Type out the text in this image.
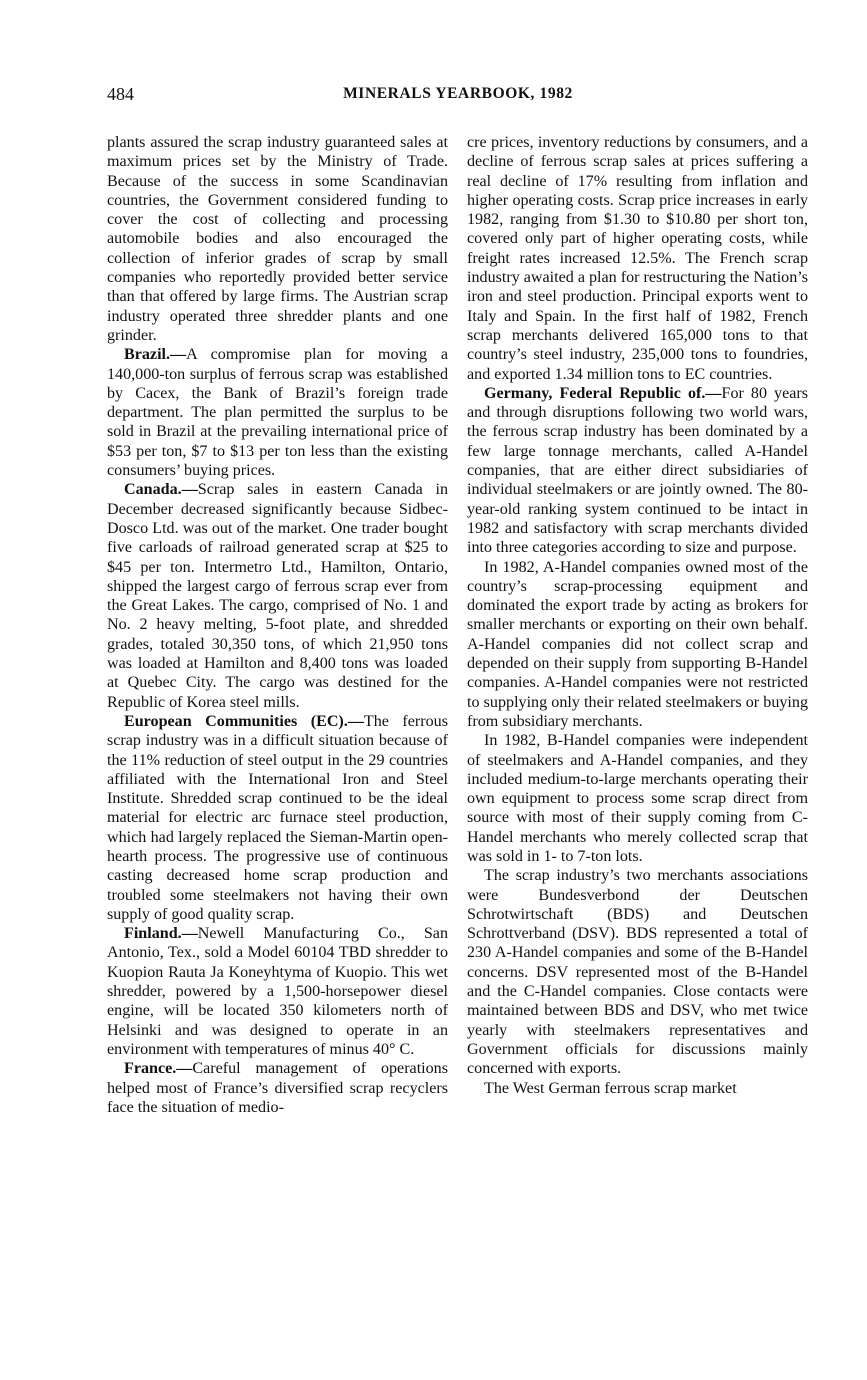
484	MINERALS YEARBOOK, 1982

plants assured the scrap industry guaranteed sales at maximum prices set by the Ministry of Trade. Because of the success in some Scandinavian countries, the Government considered funding to cover the cost of collecting and processing automobile bodies and also encouraged the collection of inferior grades of scrap by small companies who reportedly provided better service than that offered by large firms. The Austrian scrap industry operated three shredder plants and one grinder.

Brazil.—A compromise plan for moving a 140,000-ton surplus of ferrous scrap was established by Cacex, the Bank of Brazil’s foreign trade department. The plan permitted the surplus to be sold in Brazil at the prevailing international price of $53 per ton, $7 to $13 per ton less than the existing consumers’ buying prices.

Canada.—Scrap sales in eastern Canada in December decreased significantly because Sidbec-Dosco Ltd. was out of the market. One trader bought five carloads of railroad generated scrap at $25 to $45 per ton. Intermetro Ltd., Hamilton, Ontario, shipped the largest cargo of ferrous scrap ever from the Great Lakes. The cargo, comprised of No. 1 and No. 2 heavy melting, 5-foot plate, and shredded grades, totaled 30,350 tons, of which 21,950 tons was loaded at Hamilton and 8,400 tons was loaded at Quebec City. The cargo was destined for the Republic of Korea steel mills.

European Communities (EC).—The ferrous scrap industry was in a difficult situation because of the 11% reduction of steel output in the 29 countries affiliated with the International Iron and Steel Institute. Shredded scrap continued to be the ideal material for electric arc furnace steel production, which had largely replaced the Sieman-Martin open-hearth process. The progressive use of continuous casting decreased home scrap production and troubled some steelmakers not having their own supply of good quality scrap.

Finland.—Newell Manufacturing Co., San Antonio, Tex., sold a Model 60104 TBD shredder to Kuopion Rauta Ja Koneyhtyma of Kuopio. This wet shredder, powered by a 1,500-horsepower diesel engine, will be located 350 kilometers north of Helsinki and was designed to operate in an environment with temperatures of minus 40° C.

France.—Careful management of operations helped most of France’s diversified scrap recyclers face the situation of medio-

cre prices, inventory reductions by consumers, and a decline of ferrous scrap sales at prices suffering a real decline of 17% resulting from inflation and higher operating costs. Scrap price increases in early 1982, ranging from $1.30 to $10.80 per short ton, covered only part of higher operating costs, while freight rates increased 12.5%. The French scrap industry awaited a plan for restructuring the Nation’s iron and steel production. Principal exports went to Italy and Spain. In the first half of 1982, French scrap merchants delivered 165,000 tons to that country’s steel industry, 235,000 tons to foundries, and exported 1.34 million tons to EC countries.

Germany, Federal Republic of.—For 80 years and through disruptions following two world wars, the ferrous scrap industry has been dominated by a few large tonnage merchants, called A-Handel companies, that are either direct subsidiaries of individual steelmakers or are jointly owned. The 80-year-old ranking system continued to be intact in 1982 and satisfactory with scrap merchants divided into three categories according to size and purpose.

In 1982, A-Handel companies owned most of the country’s scrap-processing equipment and dominated the export trade by acting as brokers for smaller merchants or exporting on their own behalf. A-Handel companies did not collect scrap and depended on their supply from supporting B-Handel companies. A-Handel companies were not restricted to supplying only their related steelmakers or buying from subsidiary merchants.

In 1982, B-Handel companies were independent of steelmakers and A-Handel companies, and they included medium-to-large merchants operating their own equipment to process some scrap direct from source with most of their supply coming from C-Handel merchants who merely collected scrap that was sold in 1- to 7-ton lots.

The scrap industry’s two merchants associations were Bundesverbond der Deutschen Schrotwirtschaft (BDS) and Deutschen Schrottverband (DSV). BDS represented a total of 230 A-Handel companies and some of the B-Handel concerns. DSV represented most of the B-Handel and the C-Handel companies. Close contacts were maintained between BDS and DSV, who met twice yearly with steelmakers representatives and Government officials for discussions mainly concerned with exports.

The West German ferrous scrap market
